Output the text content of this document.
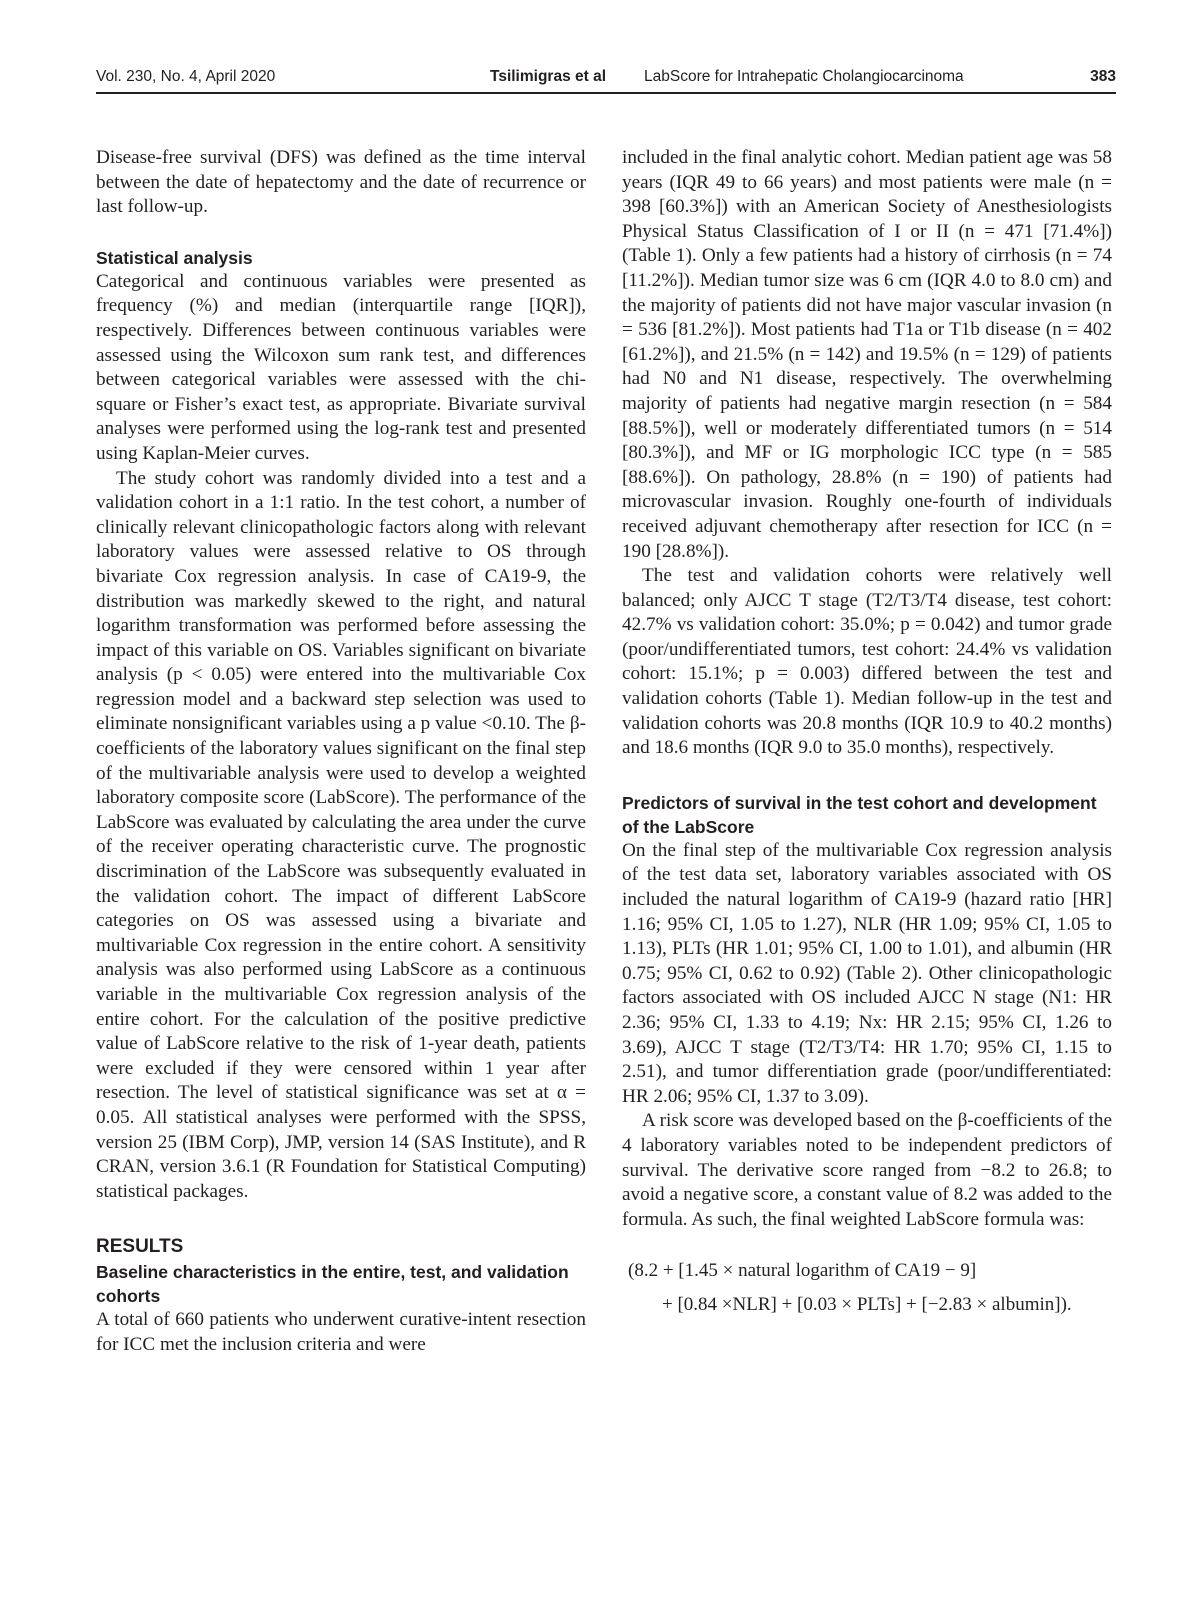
Vol. 230, No. 4, April 2020	Tsilimigras et al LabScore for Intrahepatic Cholangiocarcinoma	383

Disease-free survival (DFS) was defined as the time interval between the date of hepatectomy and the date of recurrence or last follow-up.

Statistical analysis

Categorical and continuous variables were presented as frequency (%) and median (interquartile range [IQR]), respectively. Differences between continuous variables were assessed using the Wilcoxon sum rank test, and differences between categorical variables were assessed with the chi-square or Fisher’s exact test, as appropriate. Bivariate survival analyses were performed using the log-rank test and presented using Kaplan-Meier curves.

The study cohort was randomly divided into a test and a validation cohort in a 1:1 ratio. In the test cohort, a number of clinically relevant clinicopathologic factors along with relevant laboratory values were assessed relative to OS through bivariate Cox regression analysis. In case of CA19-9, the distribution was markedly skewed to the right, and natural logarithm transformation was performed before assessing the impact of this variable on OS. Variables significant on bivariate analysis (p < 0.05) were entered into the multivariable Cox regression model and a backward step selection was used to eliminate nonsignificant variables using a p value <0.10. The β-coefficients of the laboratory values significant on the final step of the multivariable analysis were used to develop a weighted laboratory composite score (LabScore). The performance of the LabScore was evaluated by calculating the area under the curve of the receiver operating characteristic curve. The prognostic discrimination of the LabScore was subsequently evaluated in the validation cohort. The impact of different LabScore categories on OS was assessed using a bivariate and multivariable Cox regression in the entire cohort. A sensitivity analysis was also performed using LabScore as a continuous variable in the multivariable Cox regression analysis of the entire cohort. For the calculation of the positive predictive value of LabScore relative to the risk of 1-year death, patients were excluded if they were censored within 1 year after resection. The level of statistical significance was set at α = 0.05. All statistical analyses were performed with the SPSS, version 25 (IBM Corp), JMP, version 14 (SAS Institute), and R CRAN, version 3.6.1 (R Foundation for Statistical Computing) statistical packages.

RESULTS
Baseline characteristics in the entire, test, and validation cohorts

A total of 660 patients who underwent curative-intent resection for ICC met the inclusion criteria and were

included in the final analytic cohort. Median patient age was 58 years (IQR 49 to 66 years) and most patients were male (n = 398 [60.3%]) with an American Society of Anesthesiologists Physical Status Classification of I or II (n = 471 [71.4%]) (Table 1). Only a few patients had a history of cirrhosis (n = 74 [11.2%]). Median tumor size was 6 cm (IQR 4.0 to 8.0 cm) and the majority of patients did not have major vascular invasion (n = 536 [81.2%]). Most patients had T1a or T1b disease (n = 402 [61.2%]), and 21.5% (n = 142) and 19.5% (n = 129) of patients had N0 and N1 disease, respectively. The overwhelming majority of patients had negative margin resection (n = 584 [88.5%]), well or moderately differentiated tumors (n = 514 [80.3%]), and MF or IG morphologic ICC type (n = 585 [88.6%]). On pathology, 28.8% (n = 190) of patients had microvascular invasion. Roughly one-fourth of individuals received adjuvant chemotherapy after resection for ICC (n = 190 [28.8%]).

The test and validation cohorts were relatively well balanced; only AJCC T stage (T2/T3/T4 disease, test cohort: 42.7% vs validation cohort: 35.0%; p = 0.042) and tumor grade (poor/undifferentiated tumors, test cohort: 24.4% vs validation cohort: 15.1%; p = 0.003) differed between the test and validation cohorts (Table 1). Median follow-up in the test and validation cohorts was 20.8 months (IQR 10.9 to 40.2 months) and 18.6 months (IQR 9.0 to 35.0 months), respectively.

Predictors of survival in the test cohort and development of the LabScore

On the final step of the multivariable Cox regression analysis of the test data set, laboratory variables associated with OS included the natural logarithm of CA19-9 (hazard ratio [HR] 1.16; 95% CI, 1.05 to 1.27), NLR (HR 1.09; 95% CI, 1.05 to 1.13), PLTs (HR 1.01; 95% CI, 1.00 to 1.01), and albumin (HR 0.75; 95% CI, 0.62 to 0.92) (Table 2). Other clinicopathologic factors associated with OS included AJCC N stage (N1: HR 2.36; 95% CI, 1.33 to 4.19; Nx: HR 2.15; 95% CI, 1.26 to 3.69), AJCC T stage (T2/T3/T4: HR 1.70; 95% CI, 1.15 to 2.51), and tumor differentiation grade (poor/undifferentiated: HR 2.06; 95% CI, 1.37 to 3.09).

A risk score was developed based on the β-coefficients of the 4 laboratory variables noted to be independent predictors of survival. The derivative score ranged from −8.2 to 26.8; to avoid a negative score, a constant value of 8.2 was added to the formula. As such, the final weighted LabScore formula was:

(8.2 + [1.45 × natural logarithm of CA19 − 9]
+ [0.84 ×NLR] + [0.03 × PLTs] + [−2.83 × albumin]).
